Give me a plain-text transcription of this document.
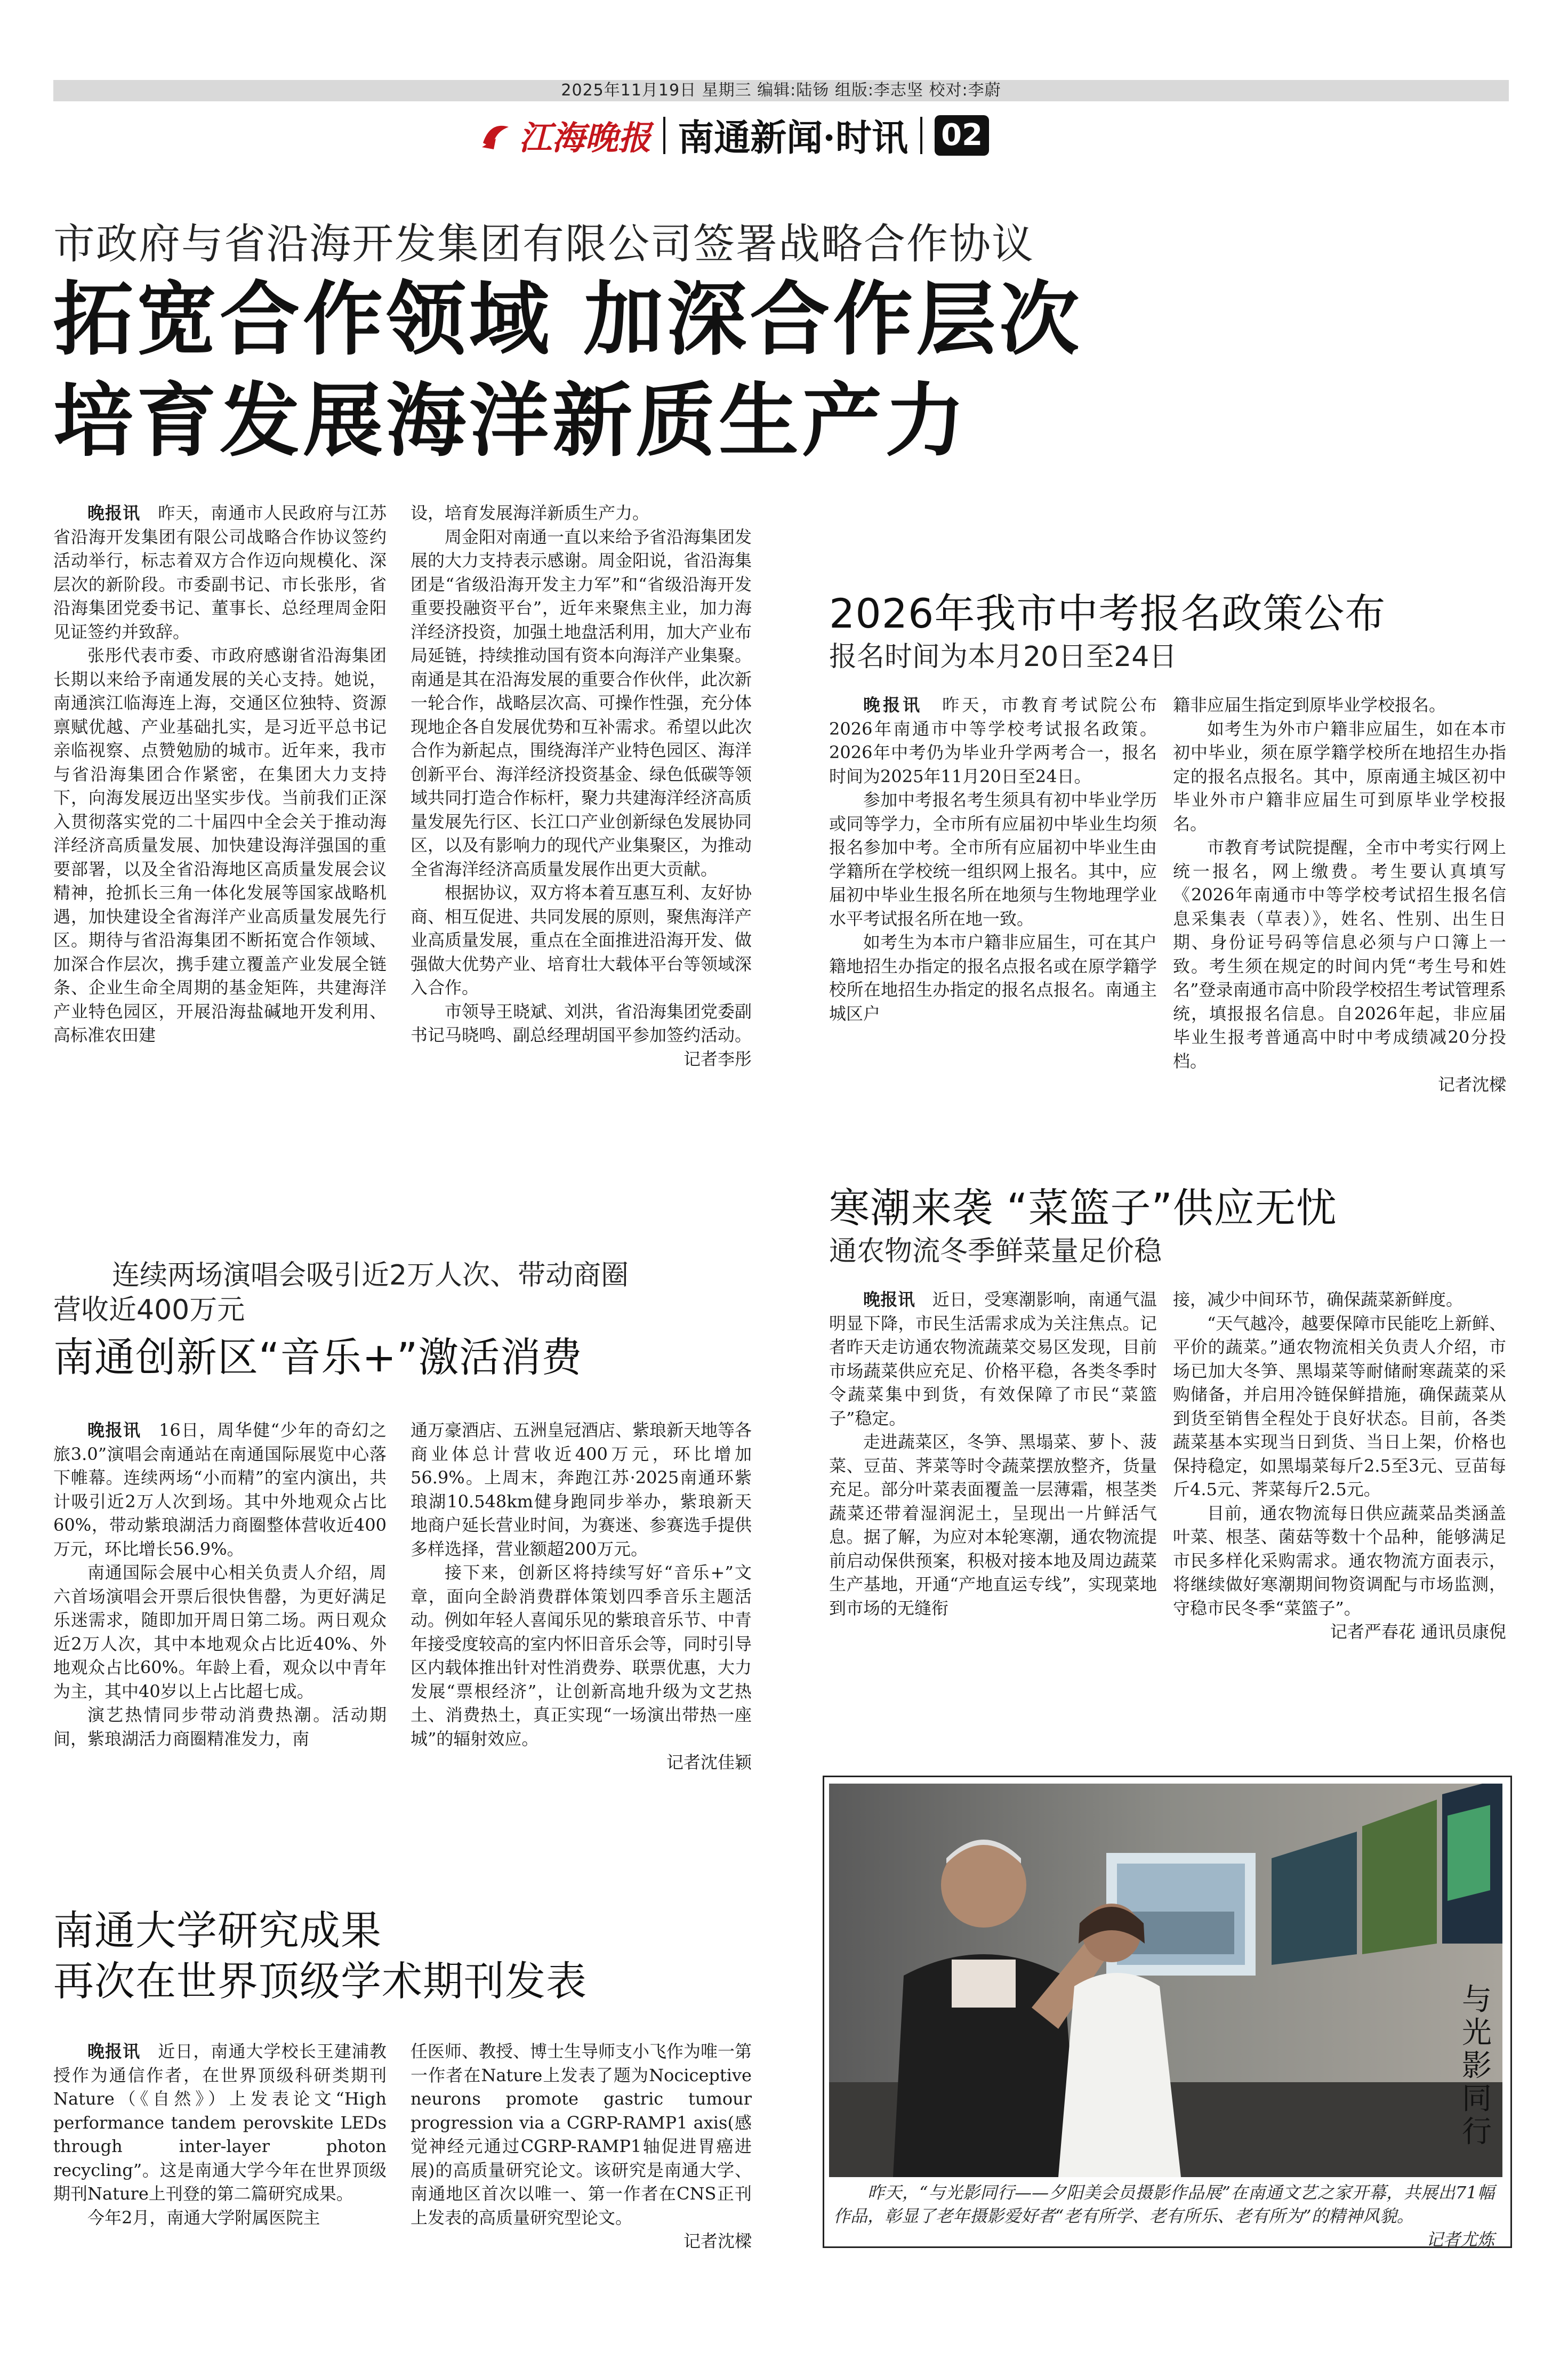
2025年11月19日 星期三 编辑:陆钖 组版:李志坚 校对:李蔚
江海晚报 南通新闻·时讯 02
市政府与省沿海开发集团有限公司签署战略合作协议
拓宽合作领域 加深合作层次
培育发展海洋新质生产力

晚报讯　 昨天，南通市人民政府与江苏省沿海开发集团有限公司战略合作协议签约活动举行，标志着双方合作迈向规模化、深层次的新阶段。市委副书记、市长张彤，省沿海集团党委书记、董事长、总经理周金阳见证签约并致辞。

张彤代表市委、市政府感谢省沿海集团长期以来给予南通发展的关心支持。她说，南通滨江临海连上海，交通区位独特、资源禀赋优越、产业基础扎实，是习近平总书记亲临视察、点赞勉励的城市。近年来，我市与省沿海集团合作紧密，在集团大力支持下，向海发展迈出坚实步伐。当前我们正深入贯彻落实党的二十届四中全会关于推动海洋经济高质量发展、加快建设海洋强国的重要部署，以及全省沿海地区高质量发展会议精神，抢抓长三角一体化发展等国家战略机遇，加快建设全省海洋产业高质量发展先行区。期待与省沿海集团不断拓宽合作领域、加深合作层次，携手建立覆盖产业发展全链条、企业生命全周期的基金矩阵，共建海洋产业特色园区，开展沿海盐碱地开发利用、高标准农田建

设，培育发展海洋新质生产力。

周金阳对南通一直以来给予省沿海集团发展的大力支持表示感谢。周金阳说，省沿海集团是“省级沿海开发主力军”和“省级沿海开发重要投融资平台”，近年来聚焦主业，加力海洋经济投资，加强土地盘活利用，加大产业布局延链，持续推动国有资本向海洋产业集聚。南通是其在沿海发展的重要合作伙伴，此次新一轮合作，战略层次高、可操作性强，充分体现地企各自发展优势和互补需求。希望以此次合作为新起点，围绕海洋产业特色园区、海洋创新平台、海洋经济投资基金、绿色低碳等领域共同打造合作标杆，聚力共建海洋经济高质量发展先行区、长江口产业创新绿色发展协同区，以及有影响力的现代产业集聚区，为推动全省海洋经济高质量发展作出更大贡献。

根据协议，双方将本着互惠互利、友好协商、相互促进、共同发展的原则，聚焦海洋产业高质量发展，重点在全面推进沿海开发、做强做大优势产业、培育壮大载体平台等领域深入合作。

市领导王晓斌、刘洪，省沿海集团党委副书记马晓鸣、副总经理胡国平参加签约活动。

记者李彤
2026年我市中考报名政策公布
报名时间为本月20日至24日

晚报讯　 昨天，市教育考试院公布2026年南通市中等学校考试报名政策。2026年中考仍为毕业升学两考合一，报名时间为2025年11月20日至24日。

参加中考报名考生须具有初中毕业学历或同等学力，全市所有应届初中毕业生均须报名参加中考。全市所有应届初中毕业生由学籍所在学校统一组织网上报名。其中，应届初中毕业生报名所在地须与生物地理学业水平考试报名所在地一致。

如考生为本市户籍非应届生，可在其户籍地招生办指定的报名点报名或在原学籍学校所在地招生办指定的报名点报名。南通主城区户

籍非应届生指定到原毕业学校报名。

如考生为外市户籍非应届生，如在本市初中毕业，须在原学籍学校所在地招生办指定的报名点报名。其中，原南通主城区初中毕业外市户籍非应届生可到原毕业学校报名。

市教育考试院提醒，全市中考实行网上统一报名，网上缴费。考生要认真填写《2026年南通市中等学校考试招生报名信息采集表（草表）》，姓名、性别、出生日期、身份证号码等信息必须与户口簿上一致。考生须在规定的时间内凭“考生号和姓名”登录南通市高中阶段学校招生考试管理系统，填报报名信息。自2026年起，非应届毕业生报考普通高中时中考成绩减20分投档。

记者沈樑
寒潮来袭 “菜篮子”供应无忧
通农物流冬季鲜菜量足价稳

晚报讯　 近日，受寒潮影响，南通气温明显下降，市民生活需求成为关注焦点。记者昨天走访通农物流蔬菜交易区发现，目前市场蔬菜供应充足、价格平稳，各类冬季时令蔬菜集中到货，有效保障了市民“菜篮子”稳定。

走进蔬菜区，冬笋、黑塌菜、萝卜、菠菜、豆苗、荠菜等时令蔬菜摆放整齐，货量充足。部分叶菜表面覆盖一层薄霜，根茎类蔬菜还带着湿润泥土，呈现出一片鲜活气息。据了解，为应对本轮寒潮，通农物流提前启动保供预案，积极对接本地及周边蔬菜生产基地，开通“产地直运专线”，实现菜地到市场的无缝衔

接，减少中间环节，确保蔬菜新鲜度。

“天气越冷，越要保障市民能吃上新鲜、平价的蔬菜。”通农物流相关负责人介绍，市场已加大冬笋、黑塌菜等耐储耐寒蔬菜的采购储备，并启用冷链保鲜措施，确保蔬菜从到货至销售全程处于良好状态。目前，各类蔬菜基本实现当日到货、当日上架，价格也保持稳定，如黑塌菜每斤2.5至3元、豆苗每斤4.5元、荠菜每斤2.5元。

目前，通农物流每日供应蔬菜品类涵盖叶菜、根茎、菌菇等数十个品种，能够满足市民多样化采购需求。通农物流方面表示，将继续做好寒潮期间物资调配与市场监测，守稳市民冬季“菜篮子”。

记者严春花 通讯员康倪
连续两场演唱会吸引近2万人次、带动商圈
营收近400万元
南通创新区“音乐+”激活消费

晚报讯　 16日，周华健“少年的奇幻之旅3.0”演唱会南通站在南通国际展览中心落下帷幕。连续两场“小而精”的室内演出，共计吸引近2万人次到场。其中外地观众占比60%，带动紫琅湖活力商圈整体营收近400万元，环比增长56.9%。

南通国际会展中心相关负责人介绍，周六首场演唱会开票后很快售罄，为更好满足乐迷需求，随即加开周日第二场。两日观众近2万人次，其中本地观众占比近40%、外地观众占比60%。年龄上看，观众以中青年为主，其中40岁以上占比超七成。

演艺热情同步带动消费热潮。活动期间，紫琅湖活力商圈精准发力，南

通万豪酒店、五洲皇冠酒店、紫琅新天地等各商业体总计营收近400万元，环比增加56.9%。上周末，奔跑江苏·2025南通环紫琅湖10.548km健身跑同步举办，紫琅新天地商户延长营业时间，为赛迷、参赛选手提供多样选择，营业额超200万元。

接下来，创新区将持续写好“音乐+”文章，面向全龄消费群体策划四季音乐主题活动。例如年轻人喜闻乐见的紫琅音乐节、中青年接受度较高的室内怀旧音乐会等，同时引导区内载体推出针对性消费券、联票优惠，大力发展“票根经济”，让创新高地升级为文艺热土、消费热土，真正实现“一场演出带热一座城”的辐射效应。

记者沈佳颖
南通大学研究成果
再次在世界顶级学术期刊发表

晚报讯　 近日，南通大学校长王建浦教授作为通信作者，在世界顶级科研类期刊Nature（《自然》）上发表论文“High performance tandem perovskite LEDs through inter-layer photon recycling”。这是南通大学今年在世界顶级期刊Nature上刊登的第二篇研究成果。

今年2月，南通大学附属医院主

任医师、教授、博士生导师支小飞作为唯一第一作者在Nature上发表了题为Nociceptive neurons promote gastric tumour progression via a CGRP-RAMP1 axis(感觉神经元通过CGRP-RAMP1轴促进胃癌进展)的高质量研究论文。该研究是南通大学、南通地区首次以唯一、第一作者在CNS正刊上发表的高质量研究型论文。

记者沈樑
与光影同行
昨天，“与光影同行——夕阳美会员摄影作品展”在南通文艺之家开幕，共展出71幅作品，彰显了老年摄影爱好者“老有所学、老有所乐、老有所为”的精神风貌。
记者尤炼
